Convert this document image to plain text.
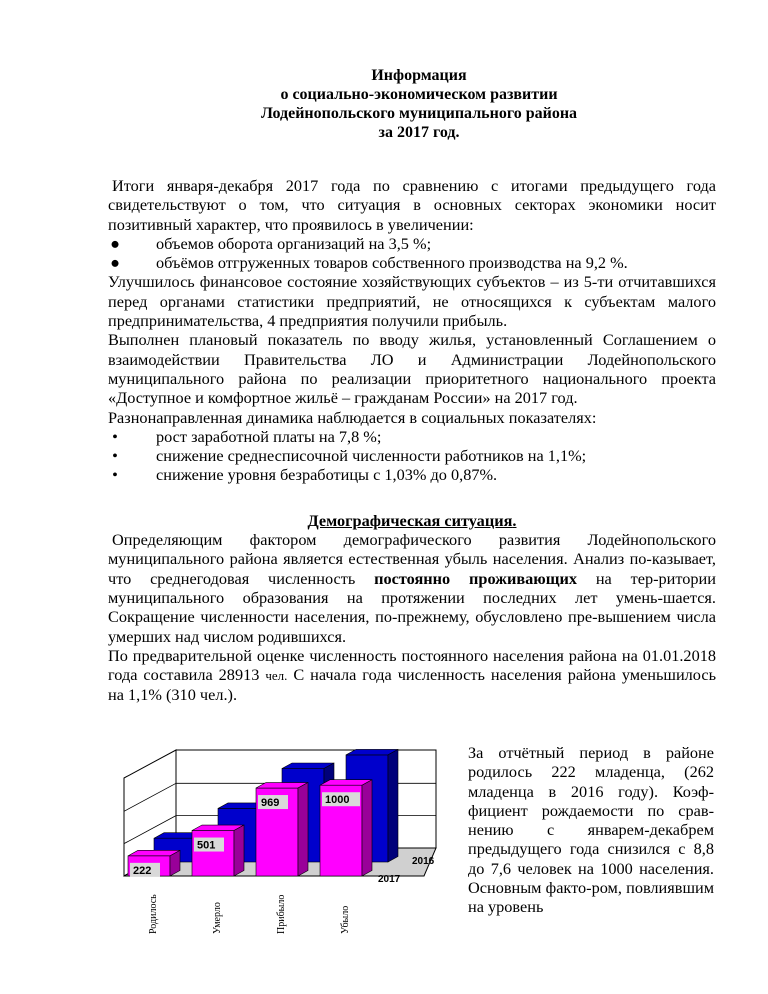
Информация
о социально-экономическом развитии
Лодейнопольского муниципального района
за 2017 год.

Итоги января-декабря 2017 года по сравнению с итогами предыдущего года свидетельствуют о том, что ситуация в основных секторах экономики носит позитивный характер, что проявилось в увеличении:

● объемов оборота организаций на 3,5 %;

● объёмов отгруженных товаров собственного производства на 9,2 %.

Улучшилось финансовое состояние хозяйствующих субъектов – из 5-ти отчитавшихся перед органами статистики предприятий, не относящихся к субъектам малого предпринимательства, 4 предприятия получили прибыль.

Выполнен плановый показатель по вводу жилья, установленный Соглашением о взаимодействии Правительства ЛО и Администрации Лодейнопольского муниципального района по реализации приоритетного национального проекта «Доступное и комфортное жильё – гражданам России» на 2017 год.

Разнонаправленная динамика наблюдается в социальных показателях:

• рост заработной платы на 7,8 %;

• снижение среднесписочной численности работников на 1,1%;

• снижение уровня безработицы с 1,03% до 0,87%.

Демографическая ситуация.

Определяющим фактором демографического развития Лодейнопольского муниципального района является естественная убыль населения. Анализ по-казывает, что среднегодовая численность постоянно проживающих на тер-ритории муниципального образования на протяжении последних лет умень-шается. Сокращение численности населения, по-прежнему, обусловлено пре-вышением числа умерших над числом родившихся.

По предварительной оценке численность постоянного населения района на 01.01.2018 года составила 28913 чел. С начала года численность населения района уменьшилось на 1,1% (310 чел.).

За отчётный период в районе родилось 222 младенца, (262 младенца в 2016 году). Коэф-фициент рождаемости по срав-нению с январем-декабрем предыдущего года снизился с 8,8 до 7,6 человек на 1000 населения. Основным факто-ром, повлиявшим на уровень
222
501
969	1000
2016
2017
Родилось	Умерло	Прибыло	Убыло
